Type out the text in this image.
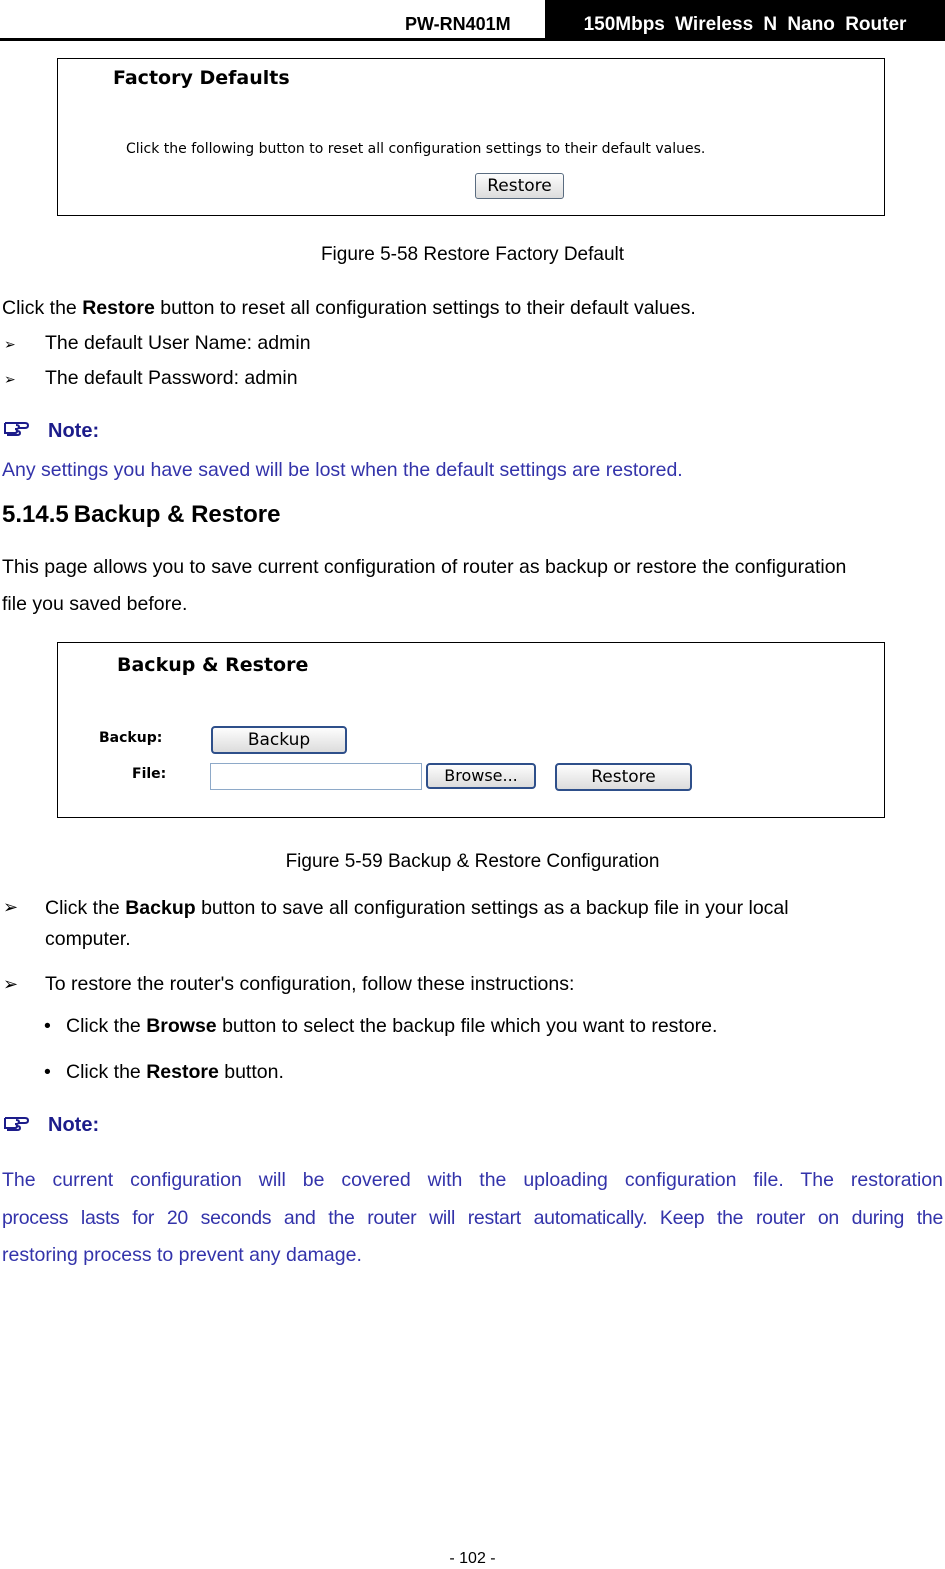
PW-RN401M	150Mbps Wireless N Nano Router
Factory Defaults
Click the following button to reset all configuration settings to their default values.
Restore
Figure 5-58 Restore Factory Default
Click the Restore button to reset all configuration settings to their default values.
➢ The default User Name: admin
➢ The default Password: admin
Note:
Any settings you have saved will be lost when the default settings are restored.
5.14.5 Backup & Restore
This page allows you to save current configuration of router as backup or restore the configuration
file you saved before.
Backup & Restore
Backup:	Backup
File:	Browse...	Restore
Figure 5-59 Backup & Restore Configuration
➢ Click the Backup button to save all configuration settings as a backup file in your local
computer.
➢ To restore the router's configuration, follow these instructions:
• Click the Browse button to select the backup file which you want to restore.
• Click the Restore button.
Note:
The current configuration will be covered with the uploading configuration file. The restoration
process lasts for 20 seconds and the router will restart automatically. Keep the router on during the
restoring process to prevent any damage.
- 102 -
